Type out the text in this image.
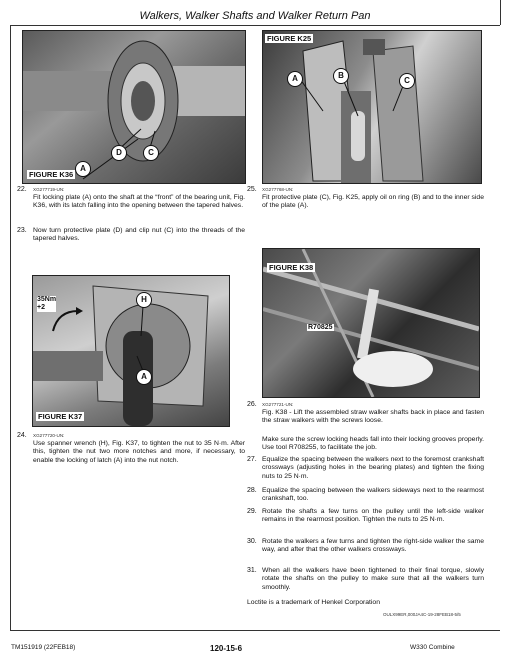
Walkers, Walker Shafts and Walker Return Pan
A
D	C
FIGURE K36
A	B
C
FIGURE K25
22. XG277719-UN:
Fit locking plate (A) onto the shaft at the “front” of the bearing unit, Fig. K36, with its latch falling into the opening between the tapered halves.
23. Now turn protective plate (D) and clip nut (C) into the threads of the tapered halves.
25. XG277768-UN:
Fit protective plate (C), Fig. K25, apply oil on ring (B) and to the inner side of the plate (A).
H
A
35Nm
+2
FIGURE K37
FIGURE K38
R70825
24. XG277720-UN:
Use spanner wrench (H), Fig. K37, to tighten the nut to 35 N·m. After this, tighten the nut two more notches and more, if necessary, to enable the locking of latch (A) into the nut notch.
26. XG277721-UN:
Fig. K38 - Lift the assembled straw walker shafts back in place and fasten the straw walkers with the screws loose.
Make sure the screw locking heads fall into their locking grooves properly. Use tool R708255, to facilitate the job.
27. Equalize the spacing between the walkers next to the foremost crankshaft crossways (adjusting holes in the bearing plates) and tighten the fixing nuts to 25 N·m.
28. Equalize the spacing between the walkers sideways next to the rearmost crankshaft, too.
29. Rotate the shafts a few turns on the pulley until the left-side walker remains in the rearmost position. Tighten the nuts to 25 N·m.
30. Rotate the walkers a few turns and tighten the right-side walker the same way, and after that the other walkers crossways.
31. When all the walkers have been tightened to their final torque, slowly rotate the shafts on the pulley to make sure that all the walkers turn smoothly.
Loctite is a trademark of Henkel Corporation
OULX99ER,000JA4C-19-28FEB18-5/5
TM151919 (22FEB18)	120-15-6	W330 Combine
